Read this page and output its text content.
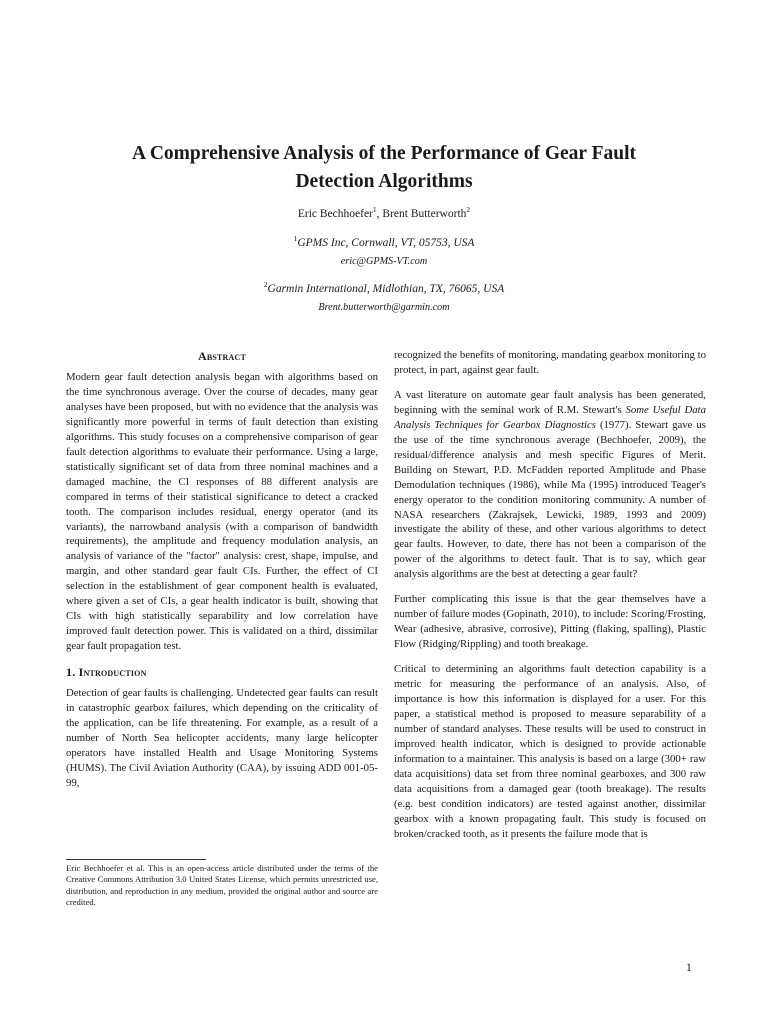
A Comprehensive Analysis of the Performance of Gear Fault
Detection Algorithms
Eric Bechhoefer$^1$, Brent Butterworth$^2$
$^1$GPMS Inc, Cornwall, VT, 05753, USA
eric@GPMS-VT.com
$^2$Garmin International, Midlothian, TX, 76065, USA
Brent.butterworth@garmin.com
Abstract

Modern gear fault detection analysis began with algorithms based on the time synchronous average. Over the course of decades, many gear analyses have been proposed, but with no evidence that the analysis was significantly more powerful in terms of fault detection than existing algorithms. This study focuses on a comprehensive comparison of gear fault detection algorithms to evaluate their performance. Using a large, statistically significant set of data from three nominal machines and a damaged machine, the CI responses of 88 different analysis are compared in terms of their statistical significance to detect a cracked tooth. The comparison includes residual, energy operator (and its variants), the narrowband analysis (with a comparison of bandwidth requirements), the amplitude and frequency modulation analysis, an analysis of variance of the "factor" analysis: crest, shape, impulse, and margin, and other standard gear fault CIs. Further, the effect of CI selection in the establishment of gear component health is evaluated, where given a set of CIs, a gear health indicator is built, showing that CIs with high statistically separability and low correlation have improved fault detection power. This is validated on a third, dissimilar gear fault propagation test.

1. Introduction

Detection of gear faults is challenging. Undetected gear faults can result in catastrophic gearbox failures, which depending on the criticality of the application, can be life threatening. For example, as a result of a number of North Sea helicopter accidents, many large helicopter operators have installed Health and Usage Monitoring Systems (HUMS). The Civil Aviation Authority (CAA), by issuing ADD 001-05-99,

recognized the benefits of monitoring, mandating gearbox monitoring to protect, in part, against gear fault.

A vast literature on automate gear fault analysis has been generated, beginning with the seminal work of R.M. Stewart's Some Useful Data Analysis Techniques for Gearbox Diagnostics (1977). Stewart gave us the use of the time synchronous average (Bechhoefer, 2009), the residual/difference analysis and mesh specific Figures of Merit. Building on Stewart, P.D. McFadden reported Amplitude and Phase Demodulation techniques (1986), while Ma (1995) introduced Teager's energy operator to the condition monitoring community. A number of NASA researchers (Zakrajsek, Lewicki, 1989, 1993 and 2009) investigate the ability of these, and other various algorithms to detect gear faults. However, to date, there has not been a comparison of the power of the algorithms to detect fault. That is to say, which gear analysis algorithms are the best at detecting a gear fault?

Further complicating this issue is that the gear themselves have a number of failure modes (Gopinath, 2010), to include: Scoring/Frosting, Wear (adhesive, abrasive, corrosive), Pitting (flaking, spalling), Plastic Flow (Ridging/Rippling) and tooth breakage.

Critical to determining an algorithms fault detection capability is a metric for measuring the performance of an analysis. Also, of importance is how this information is displayed for a user. For this paper, a statistical method is proposed to measure separability of a number of standard analyses. These results will be used to construct in improved health indicator, which is designed to provide actionable information to a maintainer. This analysis is based on a large (300+ raw data acquisitions) data set from three nominal gearboxes, and 300 raw data acquisitions from a damaged gear (tooth breakage). The results (e.g. best condition indicators) are tested against another, dissimilar gearbox with a known propagating fault. This study is focused on broken/cracked tooth, as it presents the failure mode that is

Eric Bechhoefer et al. This is an open-access article distributed under the terms of the Creative Commons Attribution 3.0 United States License, which permits unrestricted use, distribution, and reproduction in any medium, provided the original author and source are credited.
1
